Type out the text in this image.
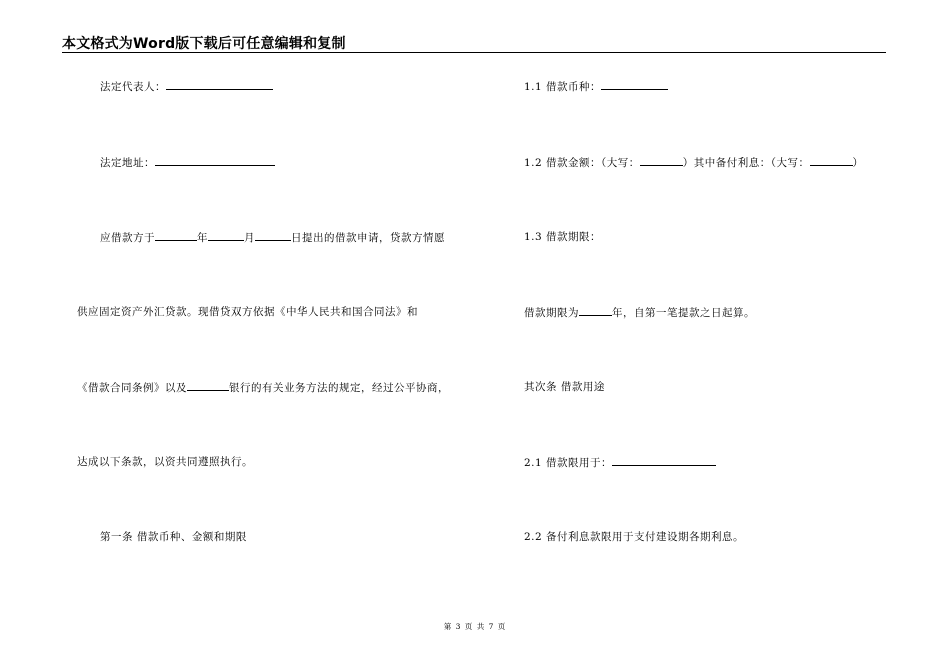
本文格式为Word版下载后可任意编辑和复制
法定代表人：
法定地址：
应借款方于	年	月	日提出的借款申请，贷款方情愿
供应固定资产外汇贷款。现借贷双方依据《中华人民共和国合同法》和
《借款合同条例》以及	银行的有关业务方法的规定，经过公平协商，
达成以下条款，以资共同遵照执行。
第一条 借款币种、金额和期限
1.1 借款币种：
1.2 借款金额：（大写：	）其中备付利息：（大写：	）
1.3 借款期限：
借款期限为	年，自第一笔提款之日起算。
其次条 借款用途
2.1 借款限用于：
2.2 备付利息款限用于支付建设期各期利息。
第 3 页 共 7 页
